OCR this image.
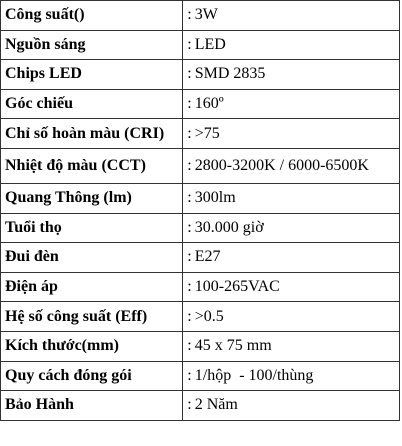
Công suất()	: 3W
Nguồn sáng	: LED
Chips LED	: SMD 2835
Góc chiếu	: 160º
Chỉ số hoàn màu (CRI)	: >75
Nhiệt độ màu (CCT)	: 2800-3200K / 6000-6500K
Quang Thông (lm)	: 300lm
Tuổi thọ	: 30.000 giờ
Đui đèn	: E27
Điện áp	: 100-265VAC
Hệ số công suất (Eff)	: >0.5
Kích thước(mm)	: 45 x 75 mm
Quy cách đóng gói	: 1/hộp  - 100/thùng
Bảo Hành	: 2 Năm
